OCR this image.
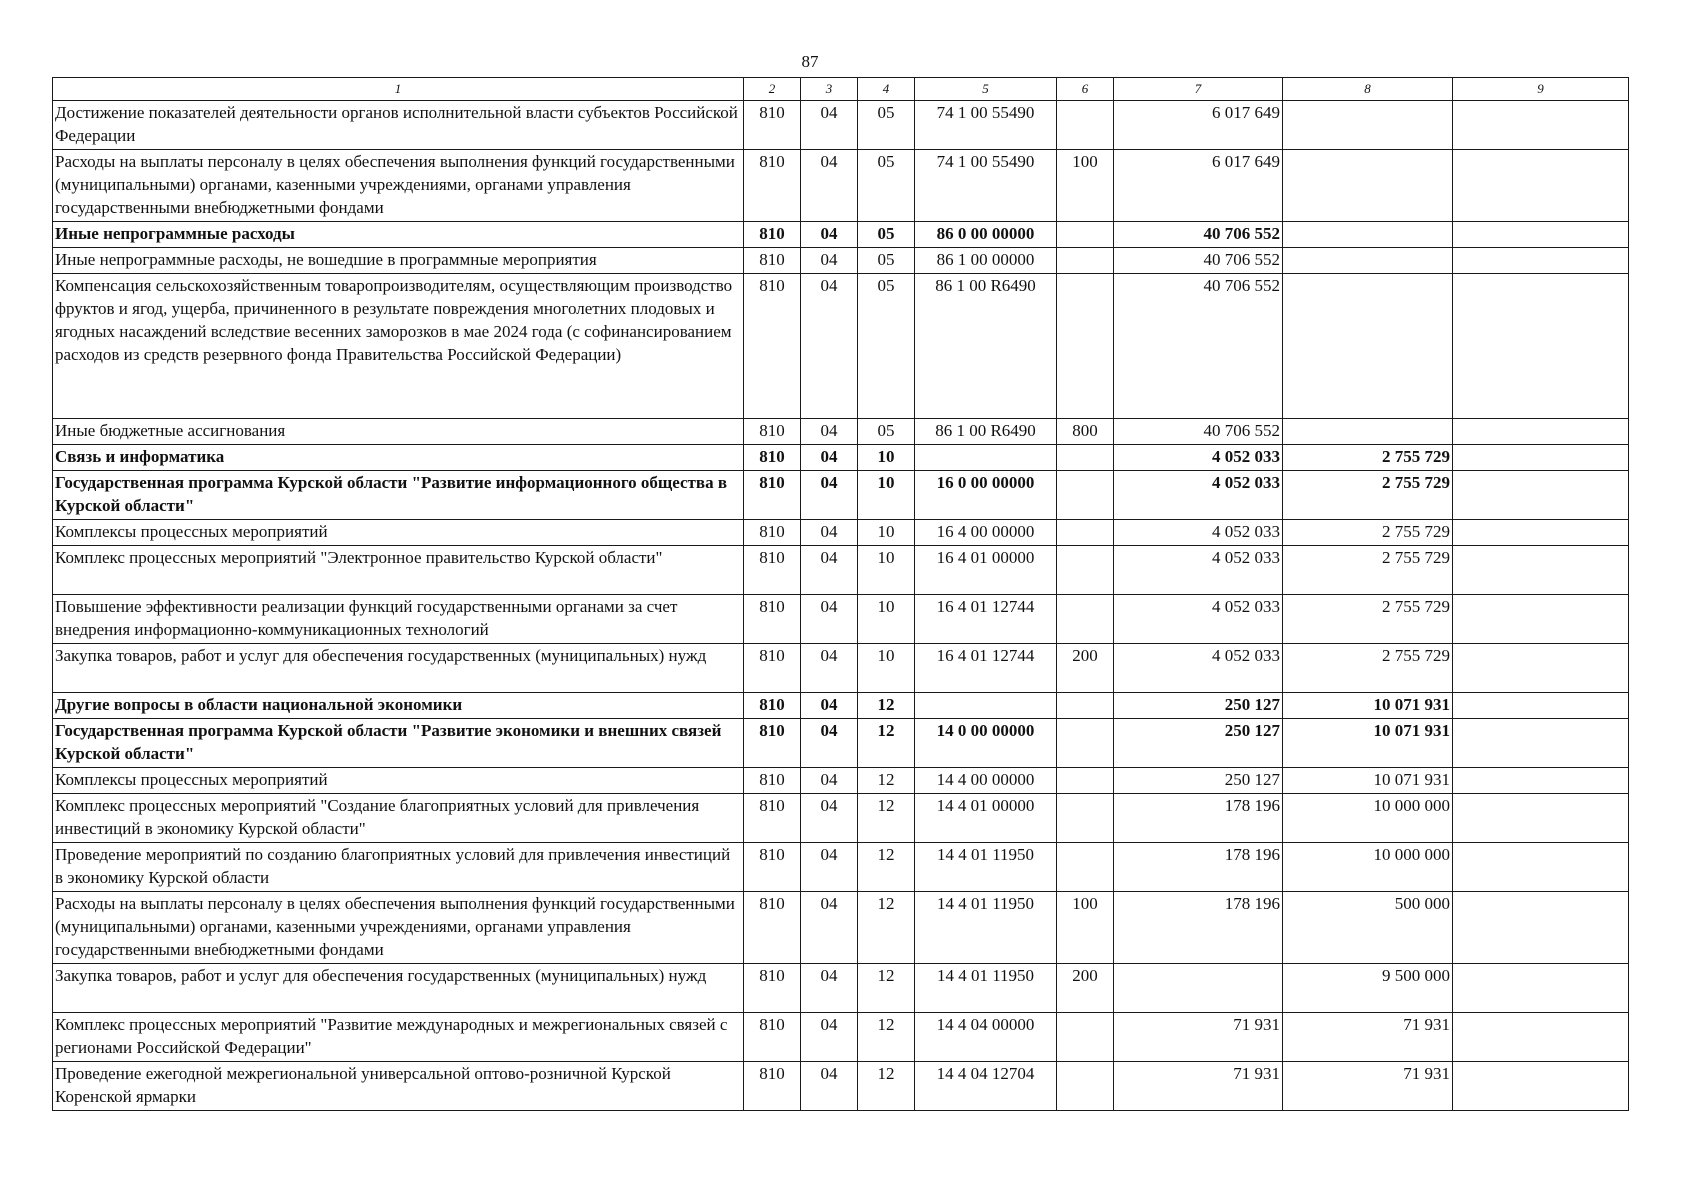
87
1	2	3	4	5	6	7	8	9
Достижение показателей деятельности органов исполнительной власти субъектов Российской Федерации	810	04	05	74 1 00 55490		6 017 649		
Расходы на выплаты персоналу в целях обеспечения выполнения функций государственными (муниципальными) органами, казенными учреждениями, органами управления государственными внебюджетными фондами	810	04	05	74 1 00 55490	100	6 017 649		
Иные непрограммные расходы	810	04	05	86 0 00 00000		40 706 552		
Иные непрограммные расходы, не вошедшие в программные мероприятия	810	04	05	86 1 00 00000		40 706 552		
Компенсация сельскохозяйственным товаропроизводителям, осуществляющим производство фруктов и ягод, ущерба, причиненного в результате повреждения многолетних плодовых и ягодных насаждений вследствие весенних заморозков в мае 2024 года (с софинансированием расходов из средств резервного фонда Правительства Российской Федерации)	810	04	05	86 1 00 R6490		40 706 552		
Иные бюджетные ассигнования	810	04	05	86 1 00 R6490	800	40 706 552		
Связь и информатика	810	04	10			4 052 033	2 755 729	
Государственная программа Курской области "Развитие информационного общества в Курской области"	810	04	10	16 0 00 00000		4 052 033	2 755 729	
Комплексы процессных мероприятий	810	04	10	16 4 00 00000		4 052 033	2 755 729	
Комплекс процессных мероприятий "Электронное правительство Курской области"	810	04	10	16 4 01 00000		4 052 033	2 755 729	
Повышение эффективности реализации функций государственными органами за счет внедрения информационно-коммуникационных технологий	810	04	10	16 4 01 12744		4 052 033	2 755 729	
Закупка товаров, работ и услуг для обеспечения государственных (муниципальных) нужд	810	04	10	16 4 01 12744	200	4 052 033	2 755 729	
Другие вопросы в области национальной экономики	810	04	12			250 127	10 071 931	
Государственная программа Курской области "Развитие экономики и внешних связей Курской области"	810	04	12	14 0 00 00000		250 127	10 071 931	
Комплексы процессных мероприятий	810	04	12	14 4 00 00000		250 127	10 071 931	
Комплекс процессных мероприятий "Создание благоприятных условий для привлечения инвестиций в экономику Курской области"	810	04	12	14 4 01 00000		178 196	10 000 000	
Проведение мероприятий по созданию благоприятных условий для привлечения инвестиций в экономику Курской области	810	04	12	14 4 01 11950		178 196	10 000 000	
Расходы на выплаты персоналу в целях обеспечения выполнения функций государственными (муниципальными) органами, казенными учреждениями, органами управления государственными внебюджетными фондами	810	04	12	14 4 01 11950	100	178 196	500 000	
Закупка товаров, работ и услуг для обеспечения государственных (муниципальных) нужд	810	04	12	14 4 01 11950	200		9 500 000	
Комплекс процессных мероприятий "Развитие международных и межрегиональных связей с регионами Российской Федерации"	810	04	12	14 4 04 00000		71 931	71 931	
Проведение ежегодной межрегиональной универсальной оптово-розничной Курской Коренской ярмарки	810	04	12	14 4 04 12704		71 931	71 931	
